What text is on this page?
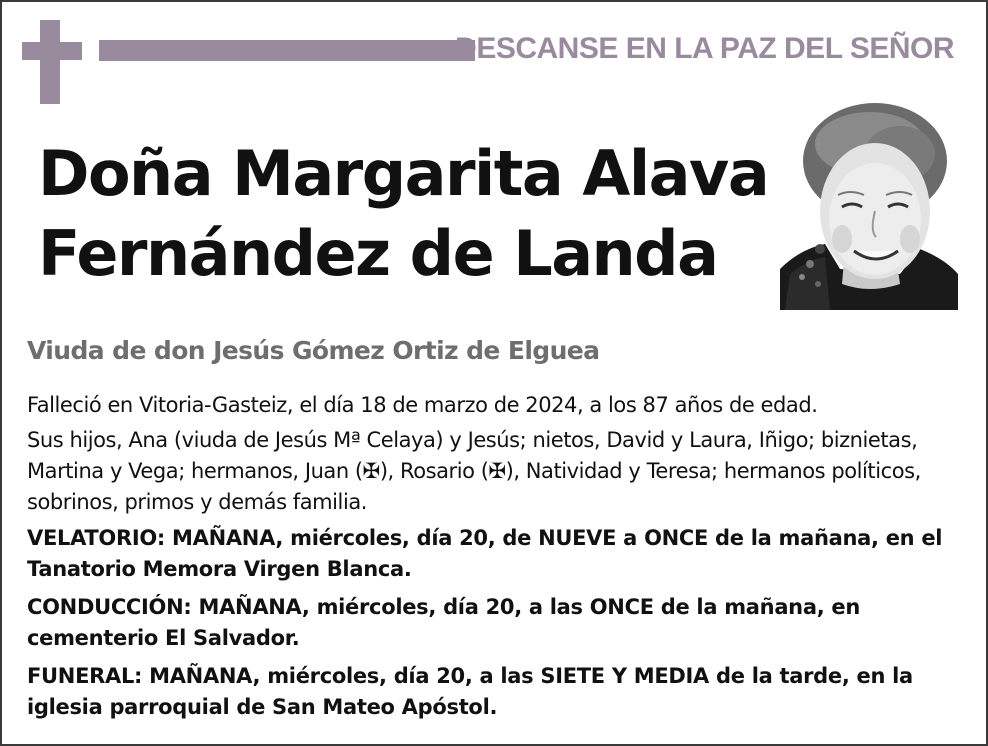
DESCANSE EN LA PAZ DEL SEÑOR
Doña Margarita Alava
Fernández de Landa
Viuda de don Jesús Gómez Ortiz de Elguea

Falleció en Vitoria-Gasteiz, el día 18 de marzo de 2024, a los 87 años de edad.

Sus hijos, Ana (viuda de Jesús Mª Celaya) y Jesús; nietos, David y Laura, Iñigo; biznietas, Martina y Vega; hermanos, Juan (✠), Rosario (✠), Natividad y Teresa; hermanos políticos, sobrinos, primos y demás familia.

VELATORIO: MAÑANA, miércoles, día 20, de NUEVE a ONCE de la mañana, en el Tanatorio Memora Virgen Blanca.

CONDUCCIÓN: MAÑANA, miércoles, día 20, a las ONCE de la mañana, en cementerio El Salvador.

FUNERAL: MAÑANA, miércoles, día 20, a las SIETE Y MEDIA de la tarde, en la iglesia parroquial de San Mateo Apóstol.
